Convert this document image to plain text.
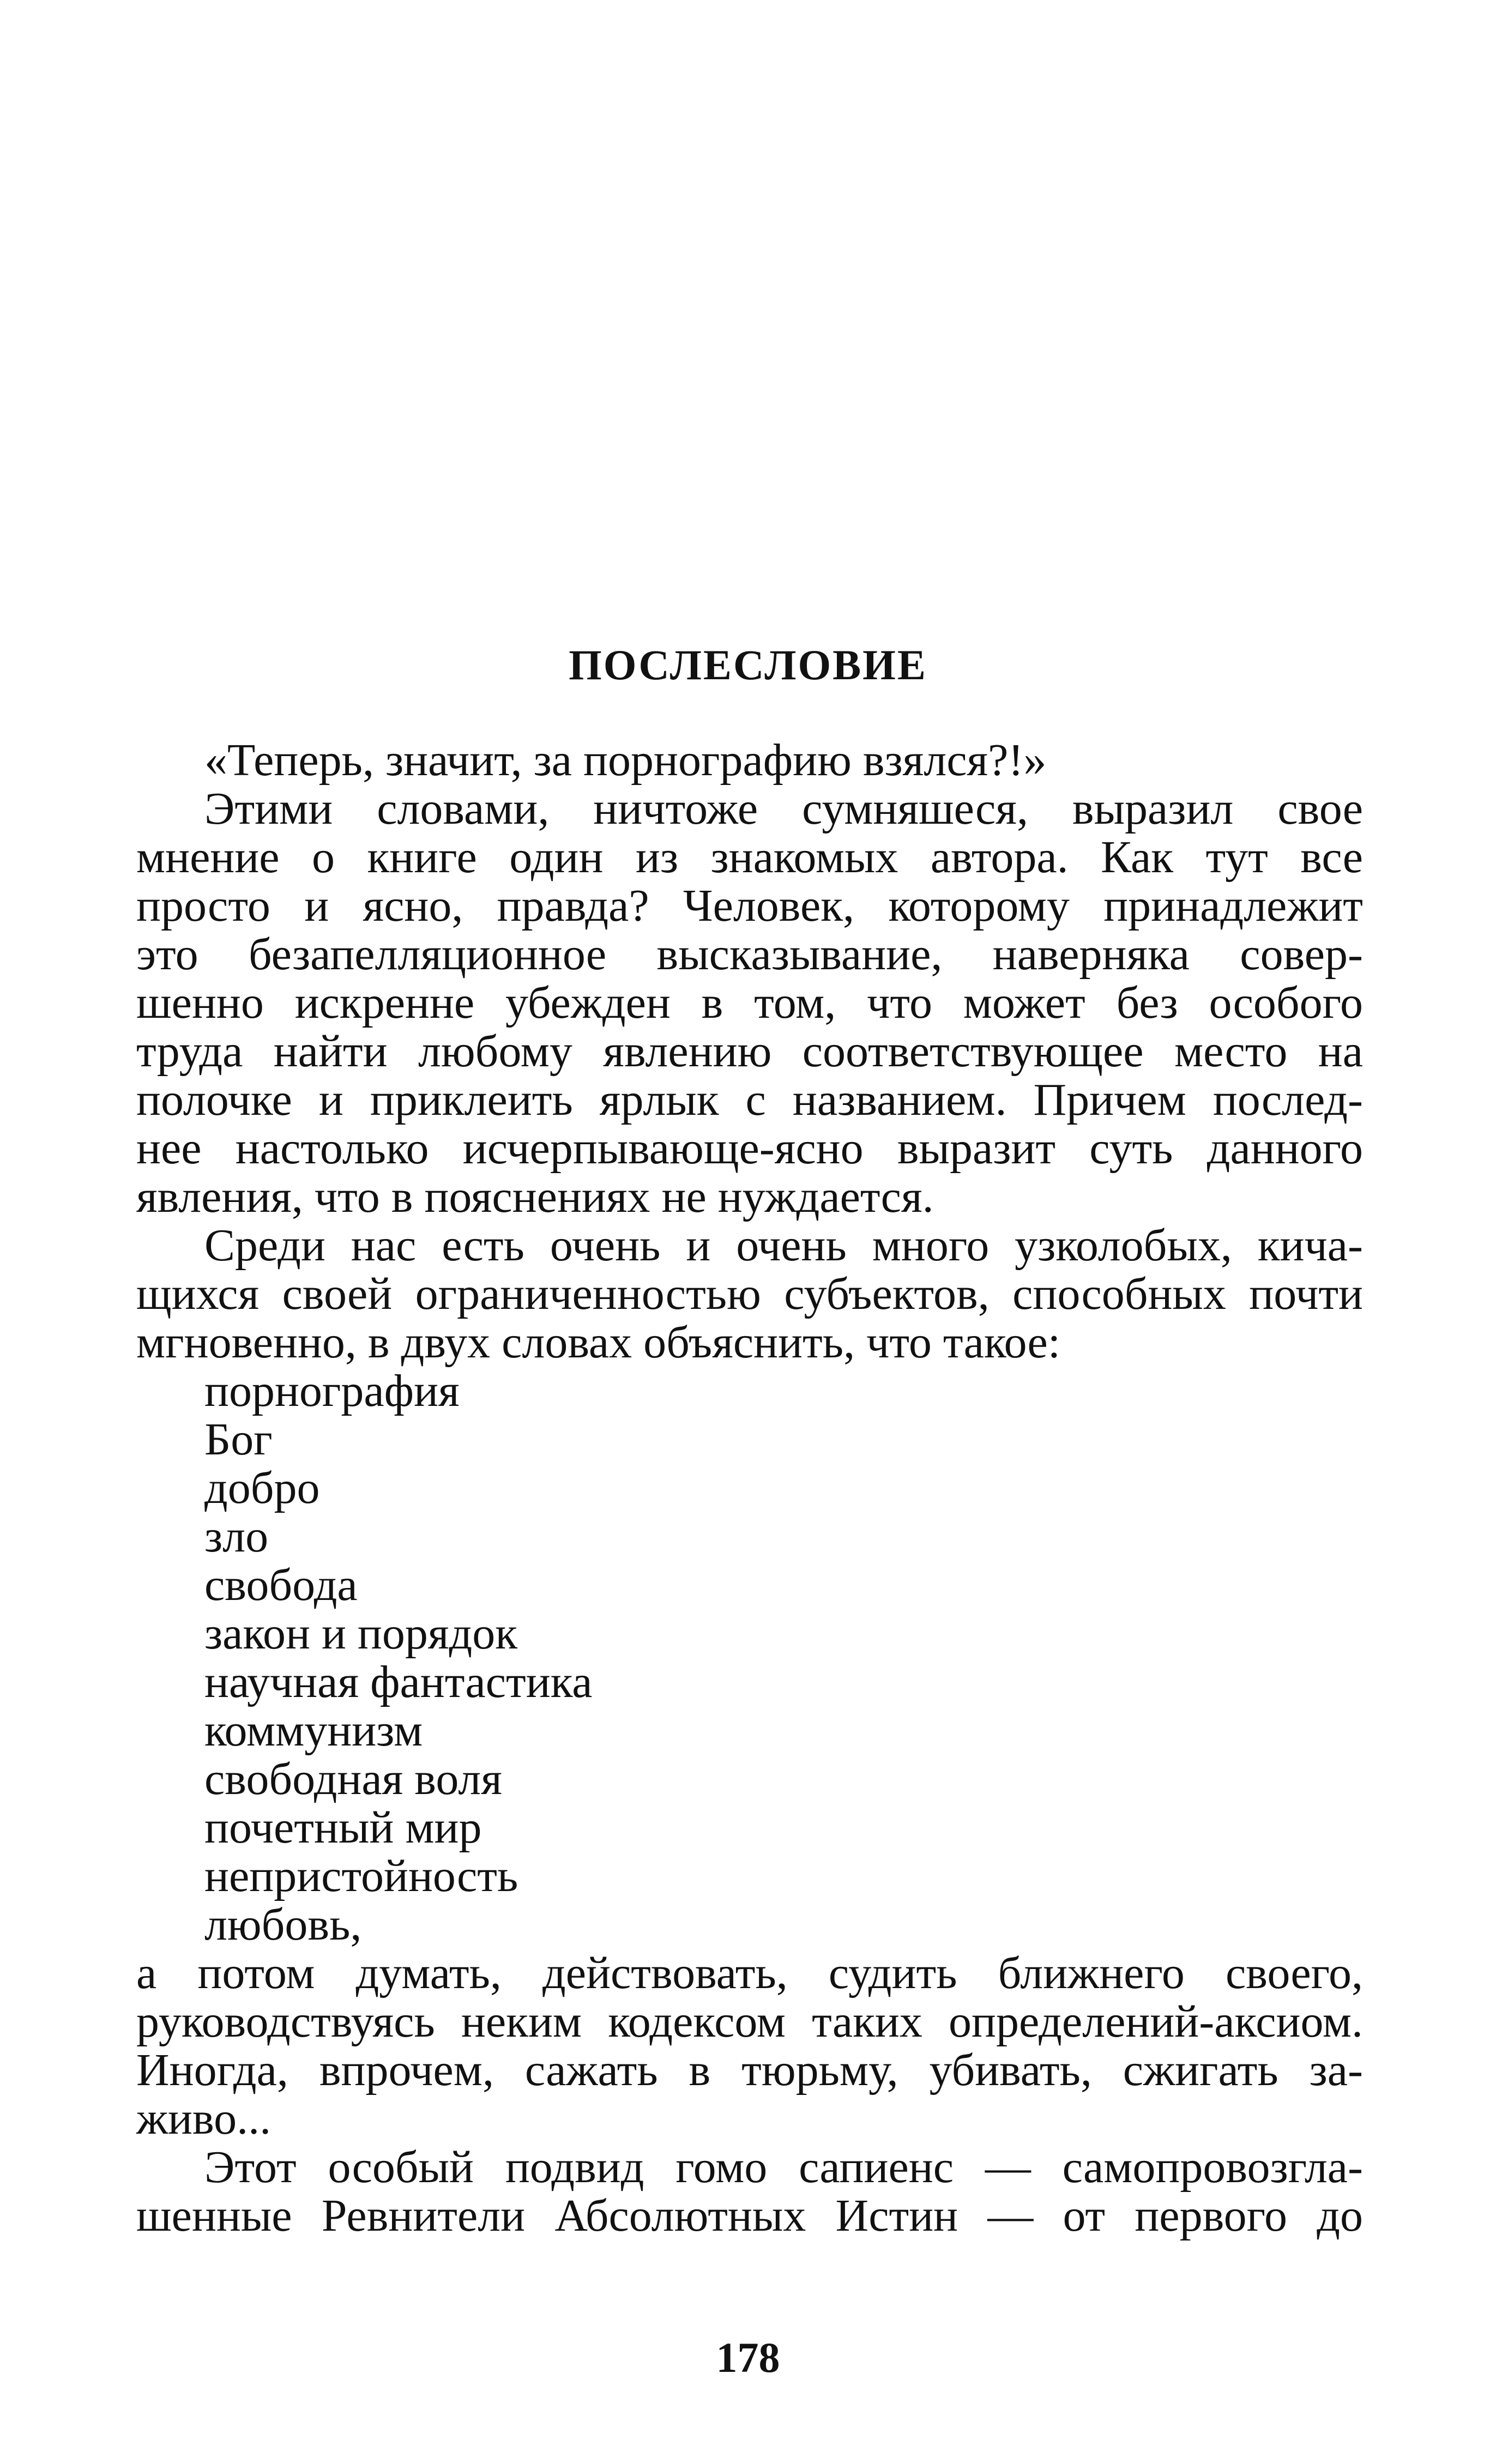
ПОСЛЕСЛОВИЕ
«Теперь, значит, за порнографию взялся?!»
Этими словами, ничтоже сумняшеся, выразил свое
мнение о книге один из знакомых автора. Как тут все
просто и ясно, правда? Человек, которому принадлежит
это безапелляционное высказывание, наверняка совер-
шенно искренне убежден в том, что может без особого
труда найти любому явлению соответствующее место на
полочке и приклеить ярлык с названием. Причем послед-
нее настолько исчерпывающе-ясно выразит суть данного
явления, что в пояснениях не нуждается.
Среди нас есть очень и очень много узколобых, кича-
щихся своей ограниченностью субъектов, способных почти
мгновенно, в двух словах объяснить, что такое:
порнография
Бог
добро
зло
свобода
закон и порядок
научная фантастика
коммунизм
свободная воля
почетный мир
непристойность
любовь,
а потом думать, действовать, судить ближнего своего,
руководствуясь неким кодексом таких определений-аксиом.
Иногда, впрочем, сажать в тюрьму, убивать, сжигать за-
живо...
Этот особый подвид гомо сапиенс — самопровозгла-
шенные Ревнители Абсолютных Истин — от первого до
178
